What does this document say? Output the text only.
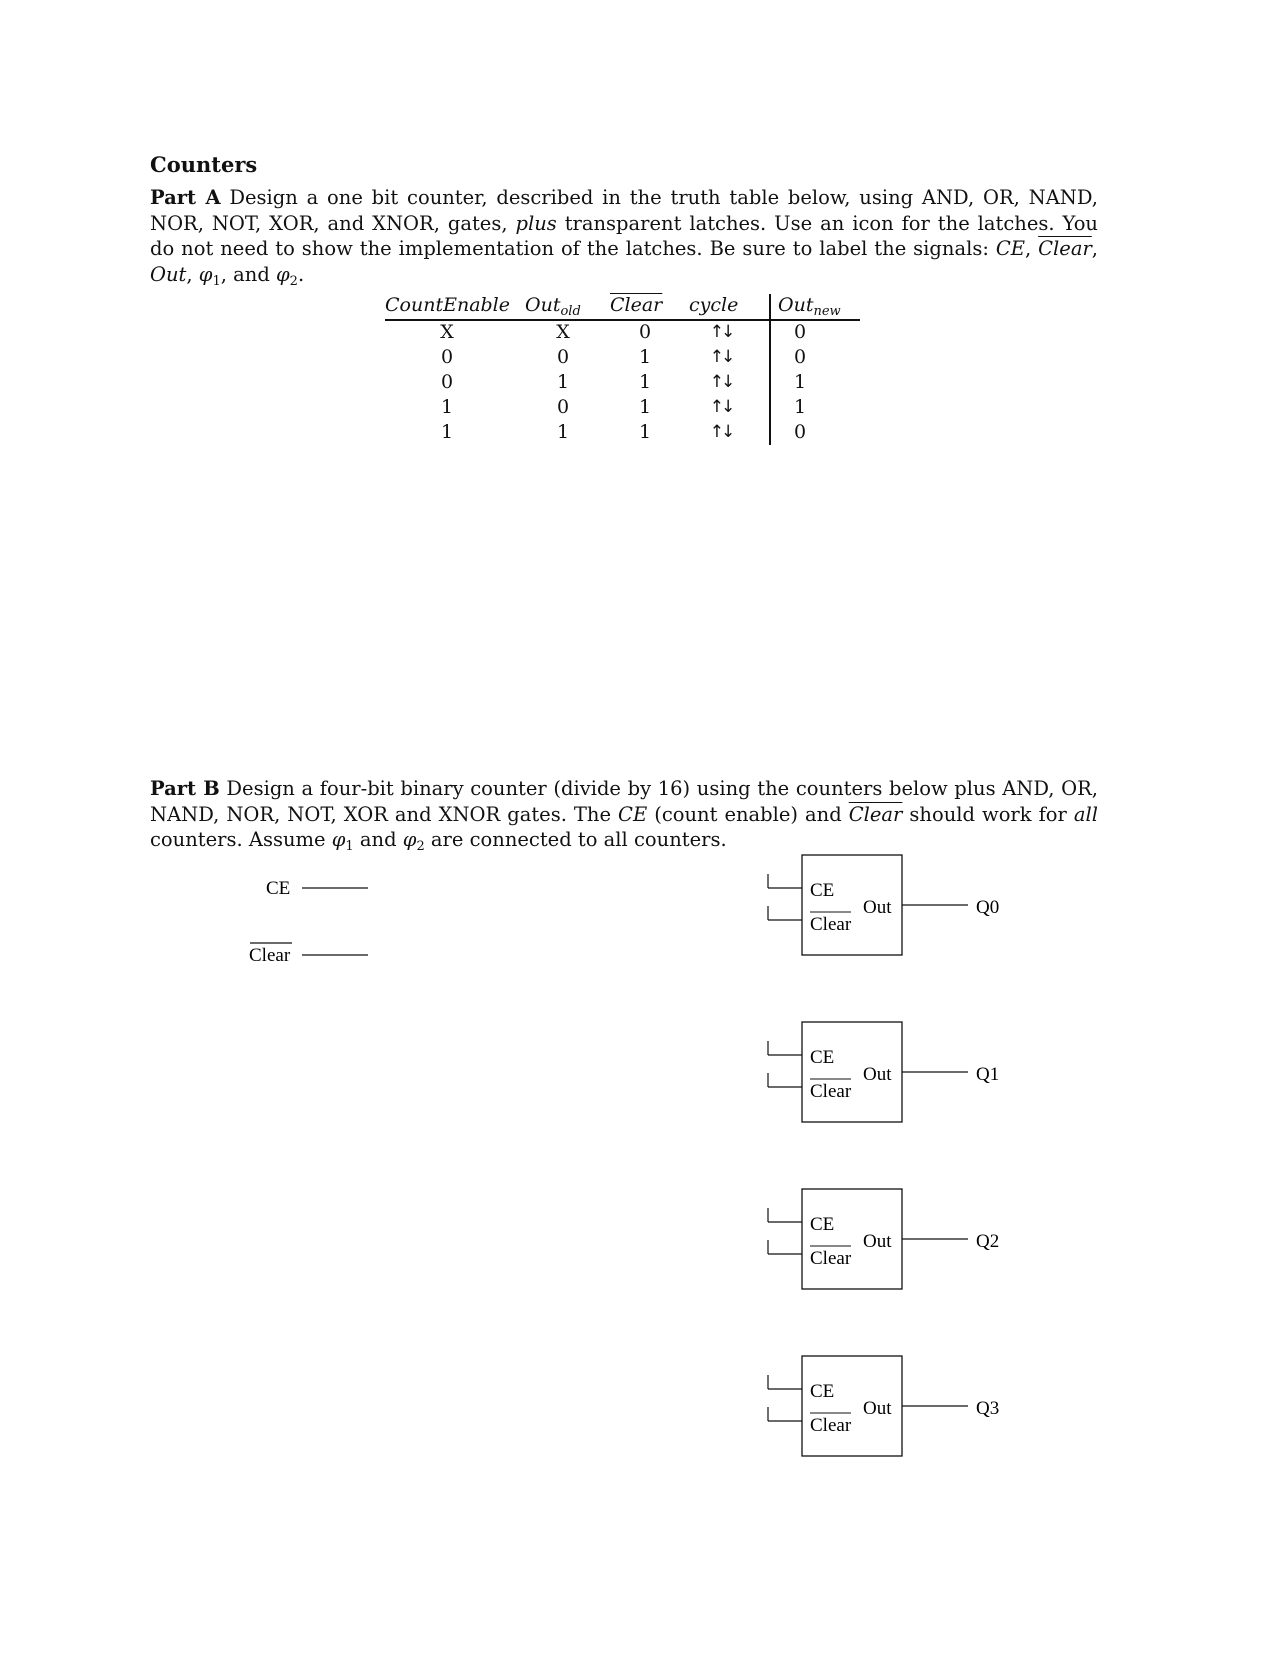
Counters
Part A Design a one bit counter, described in the truth table below, using AND, OR, NAND, NOR, NOT, XOR, and XNOR, gates, plus transparent latches. Use an icon for the latches. You do not need to show the implementation of the latches. Be sure to label the signals: CE, Clear, Out, $\varphi_1$, and $\varphi_2$.
CountEnable Out$_{old}$ Clear cycle Out$_{new}$
X	X	0	↑↓	0
0	0	1	↑↓	0
0	1	1	↑↓	1
1	0	1	↑↓	1
1	1	1	↑↓	0
Part B Design a four-bit binary counter (divide by 16) using the counters below plus AND, OR, NAND, NOR, NOT, XOR and XNOR gates. The CE (count enable) and Clear should work for all counters. Assume $\varphi_1$ and $\varphi_2$ are connected to all counters.
CE
Clear
CE
Clear
Out	Q0
CE
Clear
Out	Q1
CE
Clear
Out	Q2
CE
Clear
Out	Q3
